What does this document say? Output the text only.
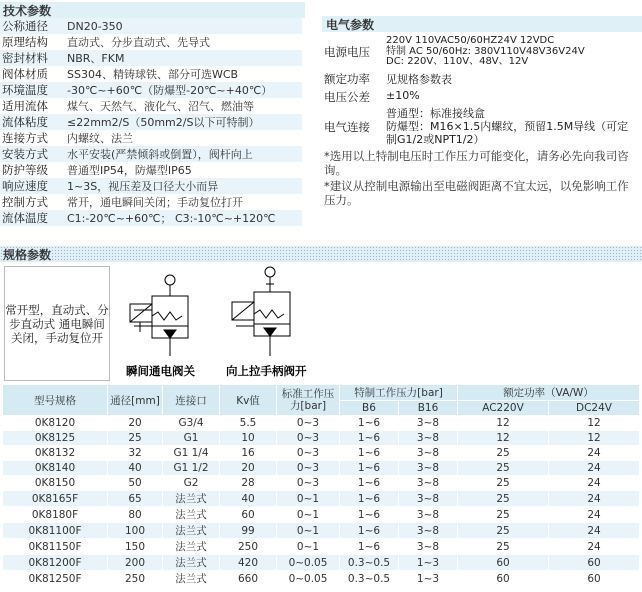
技术参数
电气参数
公称通径	DN20-350
原理结构	直动式、分步直动式、先导式
密封材料	NBR、FKM
阀体材质	SS304、精铸球铁、部分可选WCB
环境温度	-30℃~+60℃（防爆型-20℃~+40℃）
适用流体	煤气、天然气、液化气、沼气、燃油等
流体粘度	≤22mm2/S（50mm2/S以下可特制）
连接方式	内螺纹、法兰
安装方式	水平安装(严禁倾斜或倒置），阀杆向上
防护等级	普通型IP54，防爆型IP65
响应速度	1~3S，视压差及口径大小而异
控制方式	常开，通电瞬间关闭；手动复位打开
流体温度	C1:-20℃~+60℃； C3:-10℃~+120℃
电源电压
220V 110VAC50/60HZ24V 12VDC
特制 AC 50/60Hz: 380V110V48V36V24V
DC: 220V、110V、48V、12V
额定功率	见规格参数表
电压公差	±10%
电气连接
普通型：标准接线盒
防爆型：M16×1.5内螺纹，预留1.5M导线（可定制G1/2或NPT1/2）
*选用以上特制电压时工作压力可能变化，请务必先向我司咨询。
*建议从控制电源输出至电磁阀距离不宜太远，以免影响工作压力。
规格参数
常开型，直动式、分步直动式 通电瞬间关闭，手动复位开
瞬间通电阀关	向上拉手柄阀开
型号规格	通径[mm]	连接口	Kv值	标准工作压力[bar]	特制工作压力[bar]		额定功率（VA/W）	
					B6	B16	AC220V	DC24V
0K8120	20	G3/4	5.5	0~3	1~6	3~8	12	12
0K8125	25	G1	10	0~3	1~6	3~8	12	12
0K8132	32	G1 1/4	16	0~3	1~6	3~8	25	24
0K8140	40	G1 1/2	20	0~3	1~6	3~8	25	24
0K8150	50	G2	28	0~3	1~6	3~8	25	24
0K8165F	65	法兰式	40	0~1	1~6	3~8	25	24
0K8180F	80	法兰式	60	0~1	1~6	3~8	25	24
0K81100F	100	法兰式	99	0~1	1~6	3~8	25	24
0K81150F	150	法兰式	250	0~1	1~6	3~8	25	24
0K81200F	200	法兰式	420	0~0.05	0.3~0.5	1~3	60	60
0K81250F	250	法兰式	660	0~0.05	0.3~0.5	1~3	60	60
